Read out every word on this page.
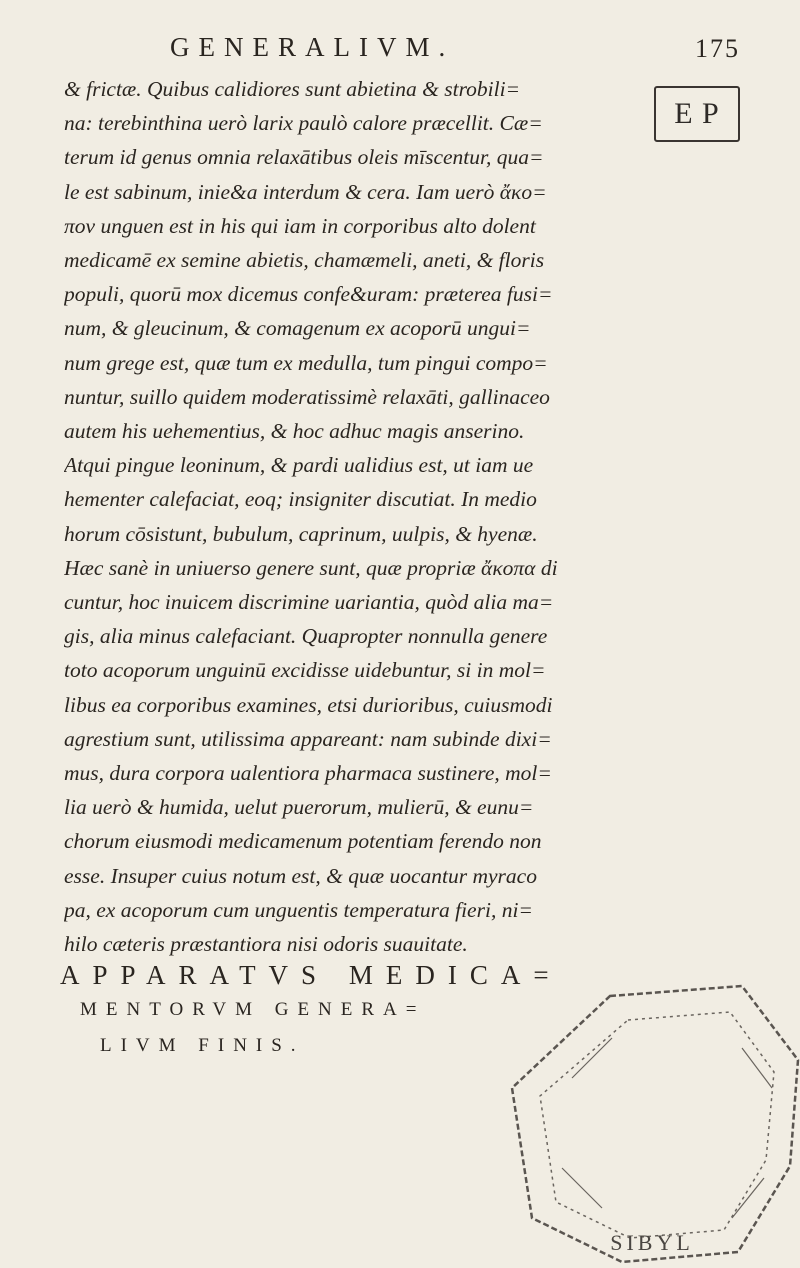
GENERALIVM.	175
E P
& frictæ. Quibus calidiores sunt abietina & strobili=
na: terebinthina uerò larix paulò calore præcellit. Cæ=
terum id genus omnia relaxātibus oleis mīscentur, qua=
le est sabinum, inie&a interdum & cera. Iam uerò ἄκο=
πον unguen est in his qui iam in corporibus alto dolent
medicamē ex semine abietis, chamæmeli, aneti, & floris
populi, quorū mox dicemus confe&uram: præterea fusi=
num, & gleucinum, & comagenum ex acoporū ungui=
num grege est, quæ tum ex medulla, tum pingui compo=
nuntur, suillo quidem moderatissimè relaxāti, gallinaceo
autem his uehementius, & hoc adhuc magis anserino.
Atqui pingue leoninum, & pardi ualidius est, ut iam ue
hementer calefaciat, eoq; insigniter discutiat. In medio
horum cōsistunt, bubulum, caprinum, uulpis, & hyenæ.
Hæc sanè in uniuerso genere sunt, quæ propriæ ἄκοπα di
cuntur, hoc inuicem discrimine uariantia, quòd alia ma=
gis, alia minus calefaciant. Quapropter nonnulla genere
toto acoporum unguinū excidisse uidebuntur, si in mol=
libus ea corporibus examines, etsi durioribus, cuiusmodi
agrestium sunt, utilissima appareant: nam subinde dixi=
mus, dura corpora ualentiora pharmaca sustinere, mol=
lia uerò & humida, uelut puerorum, mulierū, & eunu=
chorum eiusmodi medicamenum potentiam ferendo non
esse. Insuper cuius notum est, & quæ uocantur myraco
pa, ex acoporum cum unguentis temperatura fieri, ni=
hilo cæteris præstantiora nisi odoris suauitate.
APPARATVS MEDICA=
MENTORVM GENERA=
LIVM FINIS.
SIBYL
